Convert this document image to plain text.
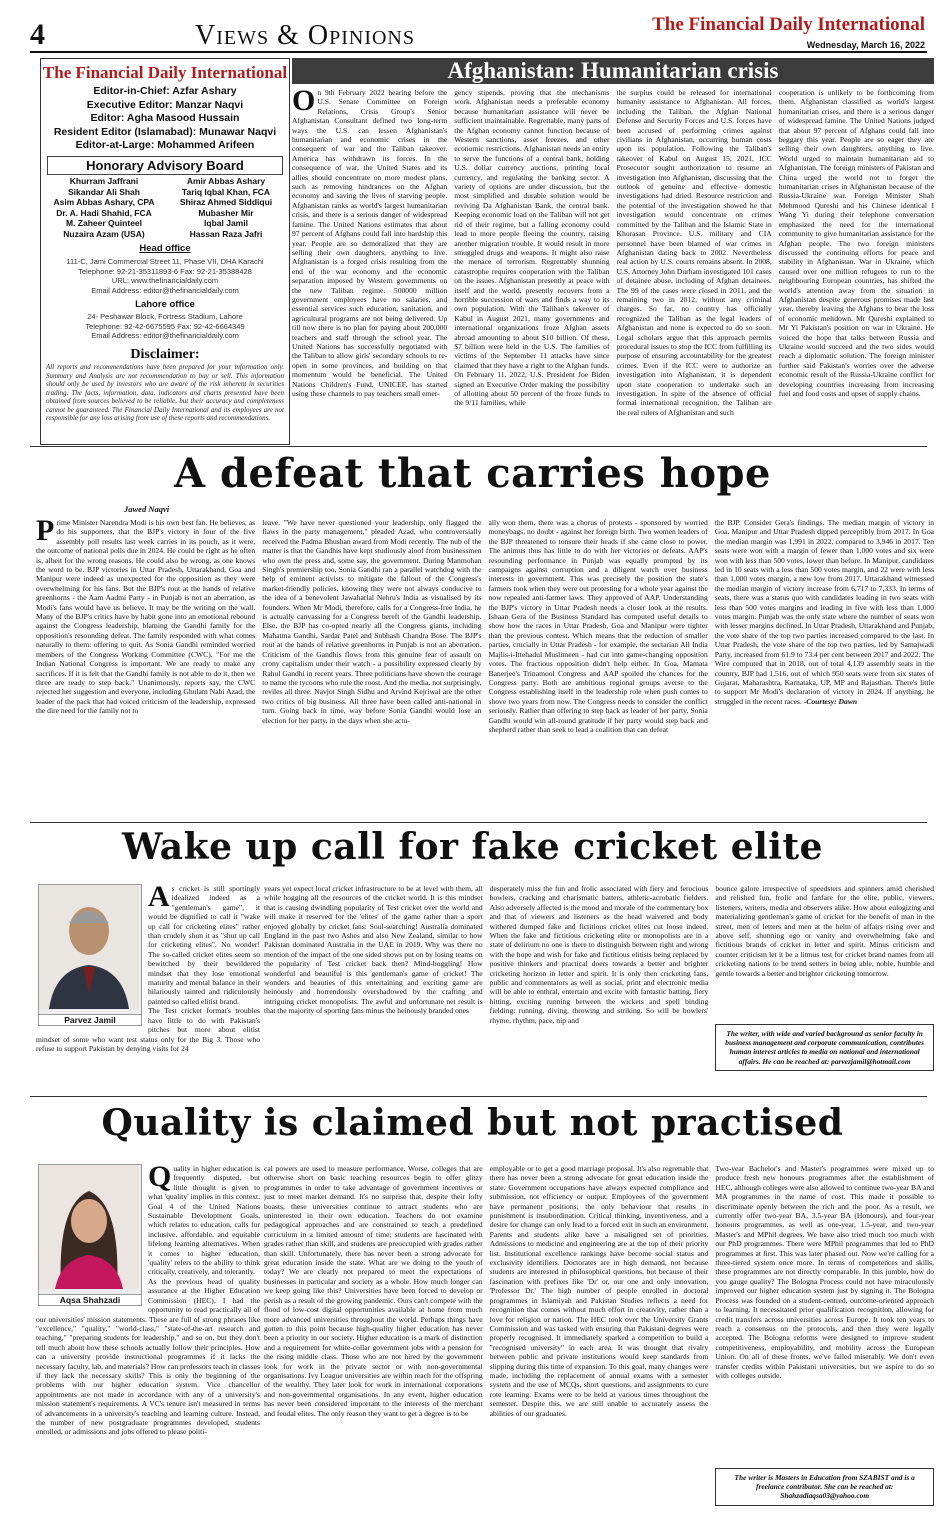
4	Views & Opinions	The Financial Daily International
Wednesday, March 16, 2022
The Financial Daily International
Editor-in-Chief: Azfar Ashary
Executive Editor: Manzar Naqvi
Editor: Agha Masood Hussain
Resident Editor (Islamabad): Munawar Naqvi
Editor-at-Large: Mohammed Arifeen
Honorary Advisory Board
Khurram Jaffrani
Sikandar Ali Shah
Asim Abbas Ashary, CPA
Dr. A. Hadi Shahid, FCA
M. Zaheer Quinteel
Nuzaira Azam (USA)
Amir Abbas Ashary
Tariq Iqbal Khan, FCA
Shiraz Ahmed Siddiqui
Mubasher Mir
Iqbal Jamil
Hassan Raza Jafri
Head office
111-C, Jami Commercial Street 11, Phase VII, DHA Karachi
Telephone: 92-21-35311893-6 Fax: 92-21-35388428
URL: www.thefinancialdaily.com
Email Address: editor@thefinancialdaily.com
Lahore office
24- Peshawar Block, Fortress Stadium, Lahore
Telephone: 92-42-6675595 Fax: 92-42-6664349
Email Address: editor@thefinancialdaily.com
Disclaimer:
All reports and recommendations have been prepared for your information only. Summary and Analysis are not recommendation to buy or sell. This information should only be used by investors who are aware of the risk inherent in securities trading. The facts, information, data, indicators and charts presented have been obtained from sources believed to be reliable, but their accuracy and completeness cannot be guaranteed. The Financial Daily International and its employees are not responsible for any loss arising from use of these reports and recommendations.
Afghanistan: Humanitarian crisis
On 9th February 2022 hearing before the U.S. Senate Committee on Foreign Relations, Crisis Group's Senior Afghanistan Consultant defined two long-term ways the U.S. can lessen Afghanistan's humanitarian and economic crises in the consequent of war and the Taliban takeover. America has withdrawn its forces. In the consequence of war, the United States and its allies should concentrate on more modest plans, such as removing hindrances on the Afghan economy and saving the lives of starving people. Afghanistan ranks as world's largest humanitarian crisis, and there is a serious danger of widespread famine. The United Nations estimates that about 97 percent of Afghans could fall into hardship this year. People are so demoralized that they are selling their own daughters, anything to live. Afghanistan is a forged crisis resulting from the end of the war economy and the economic separation imposed by Western governments on the new Taliban regime. 500000 million government employees have no salaries, and essential services such education, sanitation, and agricultural programs are not being delivered. Up till now there is no plan for paying about 200,000 teachers and staff through the school year. The United Nations has successfully negotiated with the Taliban to allow girls' secondary schools to re-open in some provinces, and building on that momentum would be beneficial. The United Nations Children's Fund, UNICEF, has started using these channels to pay teachers small emer-
gency stipends, proving that the mechanisms work. Afghanistan needs a preferable economy because humanitarian assistance will never be sufficient maintainable. Regrettable, many parts of the Afghan economy cannot function because of Western sanctions, asset freezes, and other economic restrictions. Afghanistan needs an entity to serve the functions of a central bank, holding U.S. dollar currency auctions, printing local currency, and regulating the banking sector. A variety of options are under discussion, but the most simplified and durable solution would be reviving Da Afghanistan Bank, the central bank. Keeping economic load on the Taliban will not get rid of their regime, but a falling economy could lead to more people fleeing the country, raising another migration trouble. It would result in more smuggled drugs and weapons. It might also raise the menace of terrorism. Regrettably shunning catastrophe requires cooperation with the Taliban on the issues. Afghanistan presently at peace with itself and the world, presently recovers from a horrible succession of wars and finds a way to its own population. With the Taliban's takeover of Kabul in August 2021, many governments and international organizations froze Afghan assets abroad amounting to about $10 billion. Of these, $7 billion were held in the U.S. The families of victims of the September 11 attacks have since claimed that they have a right to the Afghan funds. On February 11, 2022, U.S. President Joe Biden signed an Executive Order making the possibility of allotting about 50 percent of the froze funds to the 9/11 families, while
the surplus could be released for international humanity assistance to Afghanistan. All forces, including the Taliban, the Afghan National Defense and Security Forces and U.S. forces have been accused of performing crimes against civilians in Afghanistan, occurring human costs upon its population. Following the Taliban's takeover of Kabul on August 15, 2021, ICC Prosecutor sought authorization to resume an investigation into Afghanistan, discussing that the outlook of genuine and effective domestic investigations had dried. Resource restriction and the potential of the investigation showed he that investigation would concentrate on crimes committed by the Taliban and the Islamic State in Khorasan Province. U.S. military and CIA personnel have been blamed of war crimes in Afghanistan dating back to 2002. Nevertheless real action by U.S. courts remains absent. In 2008, U.S. Attorney John Durham investigated 101 cases of detainee abuse, including of Afghan detainees. The 99 of the cases were closed in 2011, and the remaining two in 2012, without any criminal charges. So far, no country has officially recognized the Taliban as the legal leaders of Afghanistan and none is expected to do so soon. Legal scholars argue that this approach permits procedural issues to stop the ICC from fulfilling its purpose of ensuring accountability for the greatest crimes. Even if the ICC were to authorize an investigation into Afghanistan, it is dependent upon state cooperation to undertake such an investigation. In spite of the absence of official formal international recognition, the Taliban are the real rulers of Afghanistan and such
cooperation is unlikely to be forthcoming from them. Afghanistan classified as world's largest humanitarian crises, and there is a serious danger of widespread famine. The United Nations judged that about 97 percent of Afghans could fall into beggary this year. People are so eager they are selling their own daughters, anything to live. World urged to maintain humanitarian aid to Afghanistan. The foreign ministers of Pakistan and China urged the world not to forget the humanitarian crises in Afghanistan because of the Russia-Ukraine war. Foreign Minister Shah Mehmood Qureshi and his Chinese identical I Wang Yi during their telephone conversation emphasized the need for the international community to give humanitarian assistance for the Afghan people. The two foreign ministers discussed the continuing efforts for peace and stability in Afghanistan. War in Ukraine, which caused over one million refugees to run to the neighbouring European countries, has shifted the world's attention away from the situation in Afghanistan despite generous promises made last year, thereby leaving the Afghans to bear the loss of economic meltdown. Mr Qureshi explained to Mr Yi Pakistan's position on war in Ukraine. He voiced the hope that talks between Russia and Ukraine would succeed and the two sides would reach a diplomatic solution. The foreign minister further said Pakistan's worries over the adverse economic result of the Russia-Ukraine conflict for developing countries increasing from increasing fuel and food costs and upset of supply chains.
A defeat that carries hope
Jawed Naqvi
Prime Minister Narendra Modi is his own best fan. He believes, as do his supporters, that the BJP's victory in four of the five assembly poll results last week carries in its pouch, as it were, the outcome of national polls due in 2024. He could be right as he often is, albeit for the wrong reasons. He could also be wrong, as one knows the word to be. BJP victories in Uttar Pradesh, Uttarakhand, Goa and Manipur were indeed as unexpected for the opposition as they were overwhelming for his fans. But the BJP's rout at the hands of relative greenhorns - the Aam Aadmi Party - in Punjab is not an aberration, as Modi's fans would have us believe. It may be the writing on the wall. Many of the BJP's critics have by habit gone into an emotional rebound against the Congress leadership, blaming the Gandhi family for the opposition's resounding defeat. The family responded with what comes naturally to them: offering to quit. As Sonia Gandhi reminded worried members of the Congress Working Committee (CWC), "For me the Indian National Congress is important. We are ready to make any sacrifices. If it is felt that the Gandhi family is not able to do it, then we three are ready to step back." Unanimously, reports say, the CWC rejected her suggestion and everyone, including Ghulam Nabi Azad, the leader of the pack that had voiced criticism of the leadership, expressed the dire need for the family not to
leave. "We have never questioned your leadership, only flagged the flaws in the party management," pleaded Azad, who controversially received the Padma Bhushan award from Modi recently. The nub of the matter is that the Gandhis have kept studiously aloof from businessmen who own the press and, some say, the government. During Manmohan Singh's premiership too, Sonia Gandhi ran a parallel watchdog with the help of eminent activists to mitigate the fallout of the Congress's market-friendly policies, knowing they were not always conducive to the idea of a benevolent Jawaharlal Nehru's India as visualised by its founders. When Mr Modi, therefore, calls for a Congress-free India, he is actually canvassing for a Congress bereft of the Gandhi leadership. Else, the BJP has co-opted nearly all the Congress giants, including Mahatma Gandhi, Sardar Patel and Subhash Chandra Bose. The BJP's rout at the hands of relative greenhorns in Punjab is not an aberration. Criticism of the Gandhis flows from this genuine fear of assault on crony capitalism under their watch - a possibility expressed clearly by Rahul Gandhi in recent years. Three politicians have shown the courage to name the tycoons who rule the roost. And the media, not surprisingly, reviles all three. Navjot Singh Sidhu and Arvind Kejriwal are the other two critics of big business. All three have been called anti-national in turn. Going back in time, way before Sonia Gandhi would lose an election for her party, in the days when she actu-
ally won them, there was a chorus of protests - sponsored by worried moneybags, no doubt - against her foreign birth. Two women leaders of the BJP threatened to tonsure their heads if she came close to power. The animus thus has little to do with her victories or defeats. AAP's resounding performance in Punjab was equally prompted by its campaigns against corruption and a diligent watch over business interests in government. This was precisely the position the state's farmers took when they were out protesting for a whole year against the now repealed anti-farmer laws. They approved of AAP. Understanding the BJP's victory in Uttar Pradesh needs a closer look at the results. Ishaan Gera of the Business Standard has computed useful details to show how the races in Uttar Pradesh, Goa and Manipur were tighter than the previous contest. Which means that the reduction of smaller parties, crucially in Uttar Pradesh - for example, the sectarian All India Majlis-i-Ittehadul Muslimeen - had cut into game-changing opposition votes. The fractious opposition didn't help either. In Goa, Mamata Banerjee's Trinamool Congress and AAP spoiled the chances for the Congress party. Both are ambitious regional groups averse to the Congress establishing itself in the leadership role when push comes to shove two years from now. The Congress needs to consider the conflict seriously. Rather than offering to step back as leader of her party, Sonia Gandhi would win all-round gratitude if her party would step back and shepherd rather than seek to lead a coalition that can defeat
the BJP. Consider Gera's findings. The median margin of victory in Goa, Manipur and Uttar Pradesh dipped perceptibly from 2017. In Goa the median margin was 1,991 in 2022, compared to 3,946 in 2017. Ten seats were won with a margin of fewer than 1,000 votes and six were won with less than 500 votes, lower than before. In Manipur, candidates led in 10 seats with a less than 500 votes margin, and 22 were with less than 1,000 votes margin, a new low from 2017. Uttarakhand witnessed the median margin of victory increase from 6,717 to 7,333. In terms of seats, there was a status quo with candidates leading in two seats with less than 500 votes margins and leading in five with less than 1,000 votes margin. Punjab was the only state where the number of seats won with lesser margins declined. In Uttar Pradesh, Uttarakhand and Punjab, the vote share of the top two parties increased compared to the last. In Uttar Pradesh, the vote share of the top two parties, led by Samajwadi Party, increased from 61.9 to 73.4 per cent between 2017 and 2022. The Wire computed that in 2018, out of total 4,139 assembly seats in the country, BJP had 1,516, out of which 950 seats were from six states of Gujarat, Maharashtra, Karnataka, UP, MP and Rajasthan. There's little to support Mr Modi's declaration of victory in 2024. If anything, he struggled in the recent races. -Courtesy: Dawn
Wake up call for fake cricket elite
Parvez Jamil
As cricket is still sportingly idealized indeed as a "gentleman's game", it would be dignified to call it "wake up call for cricketing elites" rather than crudely shun it as "shut up call for cricketing elites". No wonder! The so-called cricket elites seem so bewitched by their bewildered mindset that they lose emotional maturity and mental balance in their hilariously tainted and ridiculously painted so called elitist brand.
The Test cricket format's troubles have little to do with Pakistan's pitches but more about elitist mindset of some who want test status only for the Big 3. Those who refuse to support Pakistan by denying visits for 24
years yet expect local cricket infrastructure to be at level with them, all while hogging all the resources of the cricket world. It is this mindset that is causing dwindling popularity of Test cricket over the world and will make it reserved for the 'elites' of the game rather than a sport enjoyed globally by cricket fans: Soul-searching! Australia dominated England in the past two Ashes and also New Zealand, similar to how Pakistan dominated Australia in the UAE in 2019. Why was there no mention of the impact of the one sided shows put on by losing teams on the popularity of Test cricket back then? Mind-boggling! How wonderful and beautiful is this gentleman's game of cricket! The wonders and beauties of this entertaining and exciting game are heinously and horrendously overshadowed by the crafting and intriguing cricket monopolists. The awful and unfortunate net result is that the majority of sporting fans minus the heinously branded ones
desperately miss the fun and frolic associated with fiery and ferocious bowlers, cracking and charismatic batters, athletic-acrobatic fielders. Also adversely affected is the mood and morale of the commentary box and that of viewers and listeners as the head waivered and body withered dumped fake and fictitious cricket elites cut loose indeed. When the fake and fictitious cricketing elite or monopolists are in a state of delirium no one is there to distinguish between right and wrong with the hope and wish for fake and fictitious elitists being replaced by positive thinkers and practical doers towards a better and brighter cricketing horizon in letter and spirit. It is only then cricketing fans, public and commentators as well as social, print and electronic media will be able to enthral, entertain and excite with fantastic batting, fiery hitting, exciting running between the wickets and spell binding fielding: running, diving, throwing and striking. So will be bowlers' rhyme, rhythm, pace, nip and
bounce galore irrespective of speedsters and spinners amid cherished and relished fun, frolic and fanfare for the elite, public, viewers, listeners, writers, media and observers alike. How about eulogizing and materializing gentleman's game of cricket for the benefit of man in the street, men of letters and men at the helm of affairs rising over and above self, shunning ego or vanity and overwhelming fake and fictitious brands of cricket in letter and spirit. Minus criticism and counter criticism let it be a litmus test for cricket brand names from all cricketing nations to be trend setters in being able, noble, humble and gentle towards a better and brighter cricketing tomorrow.
The writer, with wide and varied background as senior faculty in business management and corporate communication, contributes human interest articles to media on national and international affairs. He can be reached at: parvezjamil@hotmail.com
Quality is claimed but not practised
Aqsa Shahzadi
Quality in higher education is frequently disputed, but little thought is given to what 'quality' implies in this context. Goal 4 of the United Nations Sustainable Development Goals, which relates to education, calls for inclusive, affordable, and equitable lifelong learning alternatives. When it comes to higher education, 'quality' refers to the ability to think critically, creatively, and tolerantly.
As the previous head of quality assurance at the Higher Education Commission (HEC), I had the opportunity to read practically all of our universities' mission statements. These are full of strong phrases like "excellence," "quality," "world-class," "state-of-the-art research and teaching," "preparing students for leadership," and so on, but they don't tell much about how these schools actually follow their principles. How can a university provide instructional programmes if it lacks the necessary faculty, lab, and materials? How can professors teach in classes if they lack the necessary skills? This is only the beginning of the problems with our higher education system. Vice chancellor appointments are not made in accordance with any of a university's mission statement's requirements. A VC's tenure isn't measured in terms of advancements in a university's teaching and learning culture. Instead, the number of new postgraduate programmes developed, students enrolled, or admissions and jobs offered to please politi-
cal powers are used to measure performance. Worse, colleges that are otherwise short on basic teaching resources begin to offer glitzy programmes in order to take advantage of government incentives or just to meet market demand. It's no surprise that, despite their lofty boasts, these universities continue to attract students who are uninterested in their own education. Teachers do not examine pedagogical approaches and are constrained to teach a predefined curriculum in a limited amount of time; students are fascinated with grades rather than skill, and students are preoccupied with grades rather than skill. Unfortunately, there has never been a strong advocate for great education inside the state. What are we doing to the youth of today? We are clearly not prepared to meet the expectations of businesses in particular and society as a whole. How much longer can we keep going like this? Universities have been forced to develop or perish as a result of the growing pandemic. Ours can't compete with the flood of low-cost digital opportunities available at home from much more advanced universities throughout the world. Perhaps things have gotten to this point because high-quality higher education has never been a priority in our society. Higher education is a mark of distinction and a requirement for white-collar government jobs with a pension for the rising middle class. Those who are not hired by the government look for work in the private sector or with non-governmental organisations. Ivy League universities are within reach for the offspring of the wealthy. They later look for work in international corporations and non-governmental organisations. In any event, higher education has never been considered important to the interests of the merchant and feudal elites. The only reason they want to get a degree is to be
employable or to get a good marriage proposal. It's also regrettable that there has never been a strong advocate for great education inside the state. Government occupations have always expected compliance and submission, not efficiency or output. Employees of the government have permanent positions; the only behaviour that results in punishment is insubordination. Critical thinking, inventiveness, and a desire for change can only lead to a forced exit in such an environment. Parents and students alike have a misaligned set of priorities. Admissions to medicine and engineering are at the top of their priority list. Institutional excellence rankings have become social status and exclusivity identifiers. Doctorates are in high demand, not because students are interested in philosophical questions, but because of their fascination with prefixes like 'Dr' or, our one and only innovation, 'Professor Dr.' The high number of people enrolled in doctoral programmes in Islamiyah and Pakistan Studies reflects a need for recognition that comes without much effort in creativity, rather than a love for religion or nation. The HEC took over the University Grants Commission and was tasked with ensuring that Pakistani degrees were properly recognised. It immediately sparked a competition to build a "recognised university" in each area. It was thought that rivalry between public and private institutions would keep standards from slipping during this time of expansion. To this goal, many changes were made, including the replacement of annual exams with a semester system and the use of MCQs, short questions, and assignments to cure rote learning. Exams were to be held at various times throughout the semester. Despite this, we are still unable to accurately assess the abilities of our graduates.
Two-year Bachelor's and Master's programmes were mixed up to produce fresh new honours programmes after the establishment of HEC, although colleges were also allowed to continue two-year BA and MA programmes in the name of cost. This made it possible to discriminate openly between the rich and the poor. As a result, we currently offer two-year BA, 3.5-year BA (Honours), and four-year honours programmes, as well as one-year, 1.5-year, and two-year Master's and MPhil degrees. We have also tried much too much with our PhD programmes. There were MPhil programmes that led to PhD programmes at first. This was later phased out. Now we're calling for a three-tiered system once more. In terms of competences and skills, these programmes are not directly comparable. In this jumble, how do you gauge quality? The Bologna Process could not have miraculously improved our higher education system just by signing it. The Bologna Process was founded on a student-centred, outcome-oriented approach to learning. It necessitated prior qualification recognition, allowing for credit transfers across universities across Europe. It took ten years to reach a consensus on the protocols, and then they were legally accepted. The Bologna reforms were designed to improve student competitiveness, employability, and mobility across the European Union. On all of these fronts, we've failed miserably. We don't even transfer credits within Pakistani universities, but we aspire to do so with colleges outside.
The writer is Masters in Education from SZABIST and is a freelance contributor. She can be reached at: Shahzadiaqsa03@yahoo.com
